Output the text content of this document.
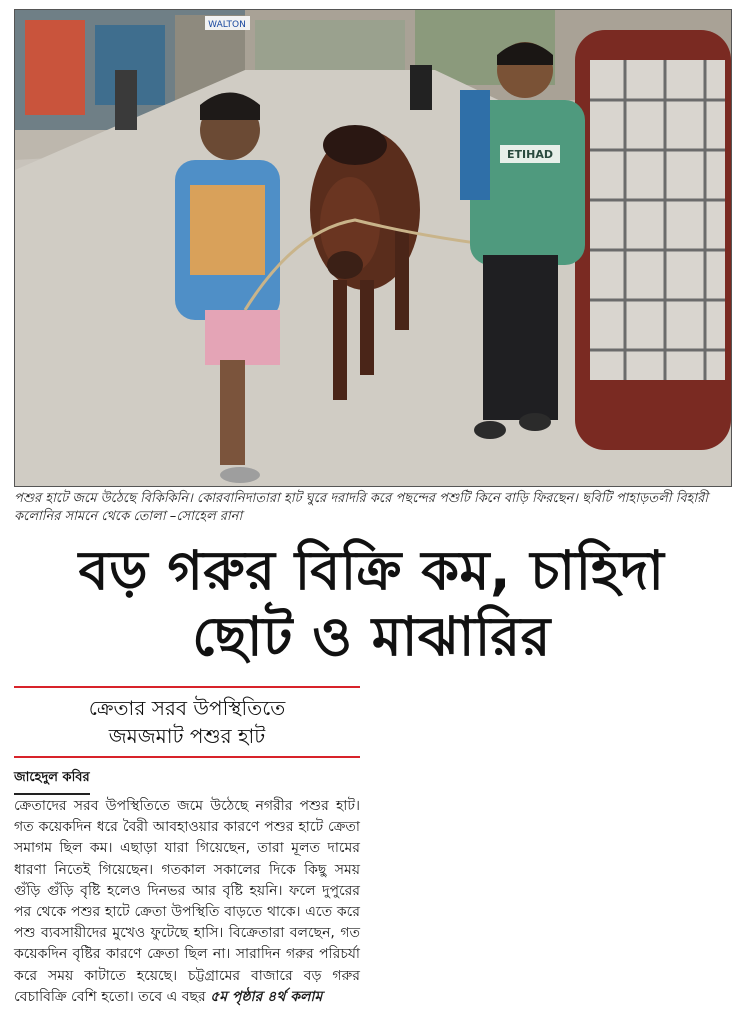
WALTON
ETIHAD
পশুর হাটে জমে উঠেছে বিকিকিনি। কোরবানিদাতারা হাট ঘুরে দরাদরি করে পছন্দের পশুটি কিনে বাড়ি ফিরছেন। ছবিটি পাহাড়তলী বিহারী কলোনির সামনে থেকে তোলা –সোহেল রানা
বড় গরুর বিক্রি কম, চাহিদা
ছোট ও মাঝারির
ক্রেতার সরব উপস্থিতিতে
জমজমাট পশুর হাট
জাহেদুল কবির
ক্রেতাদের সরব উপস্থিতিতে জমে উঠেছে নগরীর পশুর হাট। গত কয়েকদিন ধরে বৈরী আবহাওয়ার কারণে পশুর হাটে ক্রেতা সমাগম ছিল কম। এছাড়া যারা গিয়েছেন, তারা মূলত দামের ধারণা নিতেই গিয়েছেন। গতকাল সকালের দিকে কিছু সময় গুঁড়ি গুঁড়ি বৃষ্টি হলেও দিনভর আর বৃষ্টি হয়নি। ফলে দুপুরের পর থেকে পশুর হাটে ক্রেতা উপস্থিতি বাড়তে থাকে। এতে করে পশু ব্যবসায়ীদের মুখেও ফুটেছে হাসি। বিক্রেতারা বলছেন, গত কয়েকদিন বৃষ্টির কারণে ক্রেতা ছিল না। সারাদিন গরুর পরিচর্যা করে সময় কাটাতে হয়েছে। চট্টগ্রামের বাজারে বড় গরুর বেচাবিক্রি বেশি হতো। তবে এ বছর ৫ম পৃষ্ঠার ৪র্থ কলাম
